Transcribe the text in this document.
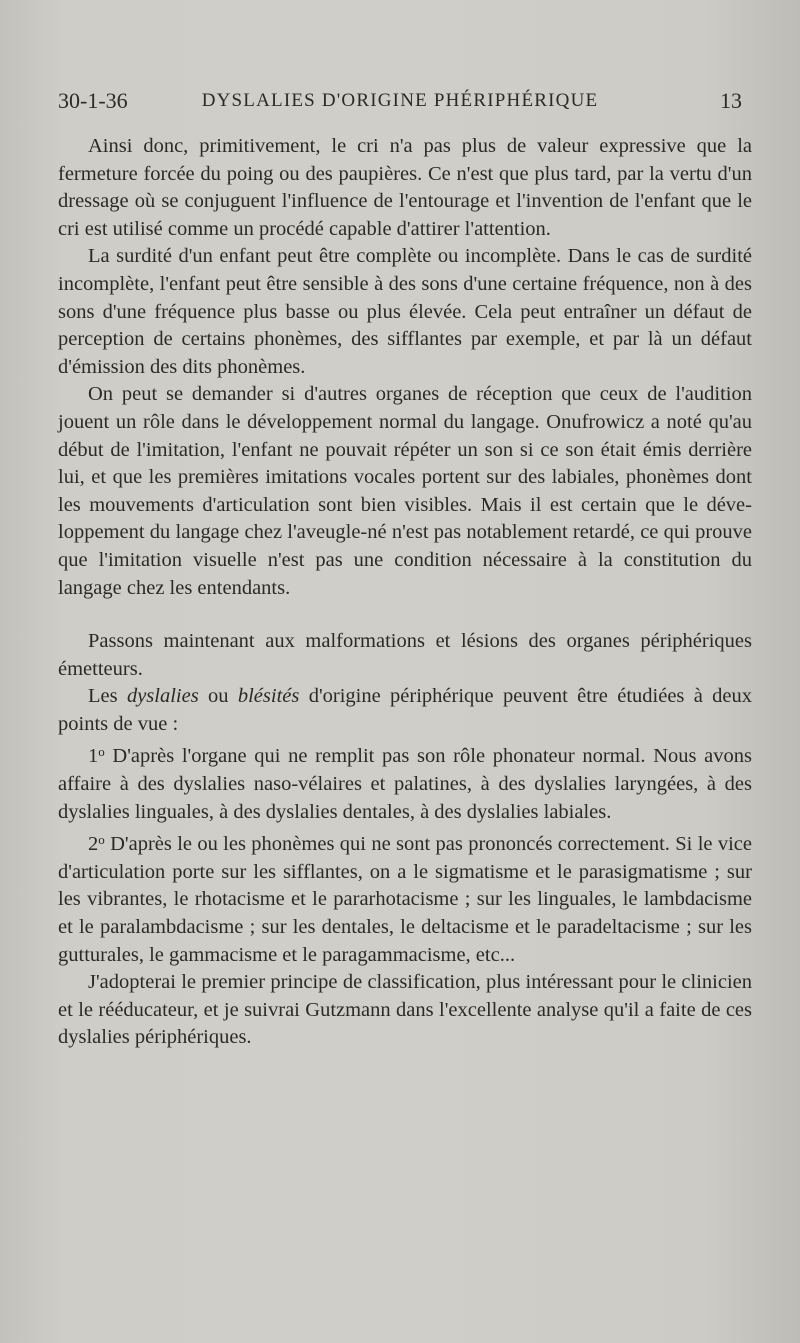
30-1-36	DYSLALIES D'ORIGINE PHÉRIPHÉRIQUE	13

Ainsi donc, primitivement, le cri n'a pas plus de valeur expressive que la fermeture forcée du poing ou des paupières. Ce n'est que plus tard, par la vertu d'un dressage où se conjuguent l'influence de l'entourage et l'invention de l'enfant que le cri est utilisé comme un procédé capable d'attirer l'attention.

La surdité d'un enfant peut être complète ou incomplète. Dans le cas de surdité incomplète, l'enfant peut être sensible à des sons d'une certaine fréquence, non à des sons d'une fréquence plus basse ou plus élevée. Cela peut entraîner un défaut de perception de certains phonèmes, des sifflantes par exemple, et par là un défaut d'émission des dits phonèmes.

On peut se demander si d'autres organes de réception que ceux de l'audition jouent un rôle dans le développement normal du langage. Onufrowicz a noté qu'au début de l'imitation, l'enfant ne pouvait répéter un son si ce son était émis derrière lui, et que les premières imitations vocales portent sur des labiales, phonèmes dont les mouvements d'articulation sont bien visibles. Mais il est certain que le développement du langage chez l'aveugle-né n'est pas notablement retardé, ce qui prouve que l'imitation visuelle n'est pas une condition nécessaire à la constitution du langage chez les entendants.

Passons maintenant aux malformations et lésions des organes périphériques émetteurs.

Les dyslalies ou blésités d'origine périphérique peuvent être étudiées à deux points de vue :

1$^o$ D'après l'organe qui ne remplit pas son rôle phonateur normal. Nous avons affaire à des dyslalies naso-vélaires et palatines, à des dyslalies laryngées, à des dyslalies linguales, à des dyslalies dentales, à des dyslalies labiales.

2$^o$ D'après le ou les phonèmes qui ne sont pas prononcés correctement. Si le vice d'articulation porte sur les sifflantes, on a le sigmatisme et le parasigmatisme ; sur les vibrantes, le rhotacisme et le pararhotacisme ; sur les linguales, le lambdacisme et le paralambdacisme ; sur les dentales, le deltacisme et le paradeltacisme ; sur les gutturales, le gammacisme et le paragammacisme, etc...

J'adopterai le premier principe de classification, plus intéressant pour le clinicien et le rééducateur, et je suivrai Gutzmann dans l'excellente analyse qu'il a faite de ces dyslalies périphériques.
